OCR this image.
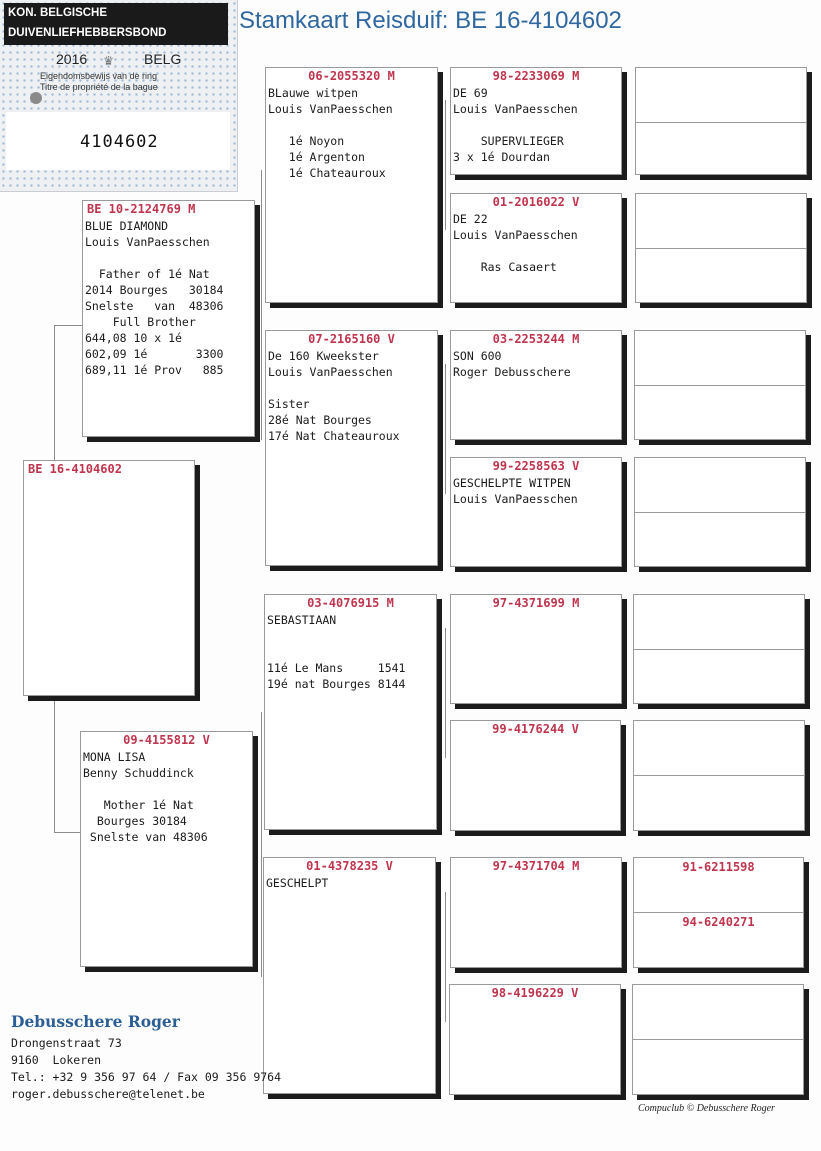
Stamkaart Reisduif: BE 16-4104602
KON. BELGISCHE DUIVENLIEFHEBBERSBOND
2016 ♛ BELG
Eigendomsbewijs van de ring
Titre de propriété de la bague
4104602
BE 16-4104602
BE 10-2124769 M
BLUE DIAMOND
Louis VanPaesschen
Father of 1é Nat
2014 Bourges   30184
Snelste   van  48306
Full Brother
644,08 10 x 1é
602,09 1é       3300
689,11 1é Prov   885
09-4155812 V
MONA LISA
Benny Schuddinck
Mother 1é Nat
Bourges 30184
Snelste van 48306
06-2055320 M
BLauwe witpen
Louis VanPaesschen
1é Noyon
1é Argenton
1é Chateauroux
07-2165160 V
De 160 Kweekster
Louis VanPaesschen
Sister
28é Nat Bourges
17é Nat Chateauroux
03-4076915 M
SEBASTIAAN
11é Le Mans     1541
19é nat Bourges 8144
01-4378235 V
GESCHELPT
98-2233069 M
DE 69
Louis VanPaesschen
SUPERVLIEGER
3 x 1é Dourdan
01-2016022 V
DE 22
Louis VanPaesschen
Ras Casaert
03-2253244 M
SON 600
Roger Debusschere
99-2258563 V
GESCHELPTE WITPEN
Louis VanPaesschen
97-4371699 M
99-4176244 V
97-4371704 M
98-4196229 V
91-6211598
94-6240271
Debusschere Roger
Drongenstraat 73
9160  Lokeren
Tel.: +32 9 356 97 64 / Fax 09 356 9764
roger.debusschere@telenet.be
Compuclub © Debusschere Roger
